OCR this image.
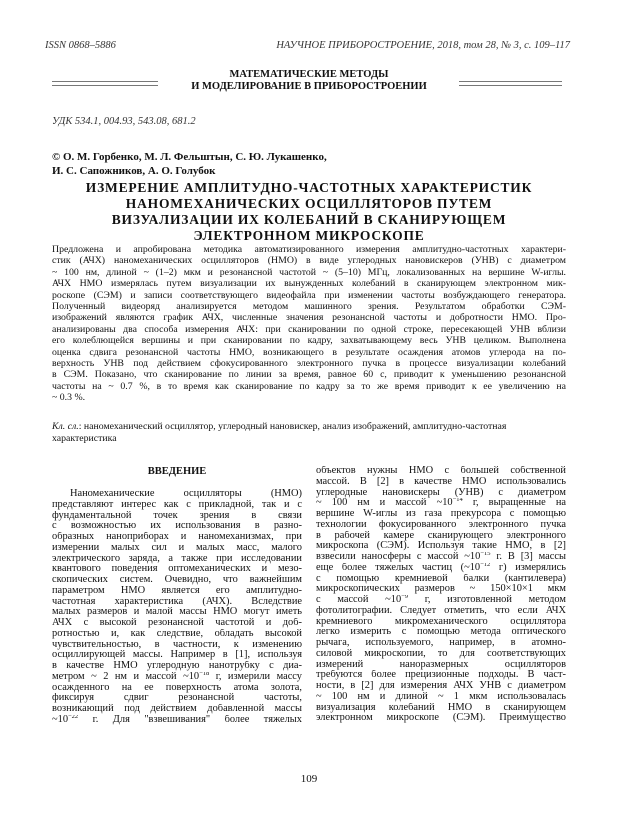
ISSN 0868–5886	НАУЧНОЕ ПРИБОРОСТРОЕНИЕ, 2018, том 28, № 3, с. 109–117
МАТЕМАТИЧЕСКИЕ МЕТОДЫ
И МОДЕЛИРОВАНИЕ В ПРИБОРОСТРОЕНИИ
УДК 534.1, 004.93, 543.08, 681.2
© О. М. Горбенко, М. Л. Фельштын, С. Ю. Лукашенко,
И. С. Сапожников, А. О. Голубок
ИЗМЕРЕНИЕ АМПЛИТУДНО-ЧАСТОТНЫХ ХАРАКТЕРИСТИК
НАНОМЕХАНИЧЕСКИХ ОСЦИЛЛЯТОРОВ ПУТЕМ
ВИЗУАЛИЗАЦИИ ИХ КОЛЕБАНИЙ В СКАНИРУЮЩЕМ
ЭЛЕКТРОННОМ МИКРОСКОПЕ
Предложена и апробирована методика автоматизированного измерения амплитудно-частотных характери-
стик (АЧХ) наномеханических осцилляторов (НМО) в виде углеродных нановискеров (УНВ) с диаметром
~ 100 нм, длиной ~ (1–2) мкм и резонансной частотой ~ (5–10) МГц, локализованных на вершине W-иглы.
АЧХ НМО измерялась путем визуализации их вынужденных колебаний в сканирующем электронном мик-
роскопе (СЭМ) и записи соответствующего видеофайла при изменении частоты возбуждающего генератора.
Полученный видеоряд анализируется методом машинного зрения. Результатом обработки СЭМ-
изображений являются график АЧХ, численные значения резонансной частоты и добротности НМО. Про-
анализированы два способа измерения АЧХ: при сканировании по одной строке, пересекающей УНВ вблизи
его колеблющейся вершины и при сканировании по кадру, захватывающему весь УНВ целиком. Выполнена
оценка сдвига резонансной частоты НМО, возникающего в результате осаждения атомов углерода на по-
верхность УНВ под действием сфокусированного электронного пучка в процессе визуализации колебаний
в СЭМ. Показано, что сканирование по линии за время, равное 60 с, приводит к уменьшению резонансной
частоты на ~ 0.7 %, в то время как сканирование по кадру за то же время приводит к ее увеличению на
~ 0.3 %.
Кл. сл.: наномеханический осциллятор, углеродный нановискер, анализ изображений, амплитудно-частотная характеристика
ВВЕДЕНИЕ
Наномеханические осцилляторы (НМО)
представляют интерес как с прикладной, так и с
фундаментальной точек зрения в связи
с возможностью их использования в разно-
образных наноприборах и наномеханизмах, при
измерении малых сил и малых масс, малого
электрического заряда, а также при исследовании
квантового поведения оптомеханических и мезо-
скопических систем. Очевидно, что важнейшим
параметром НМО является его амплитудно-
частотная характеристика (АЧХ). Вследствие
малых размеров и малой массы НМО могут иметь
АЧХ с высокой резонансной частотой и доб-
ротностью и, как следствие, обладать высокой
чувствительностью, в частности, к изменению
осциллирующей массы. Например в [1], используя
в качестве НМО углеродную нанотрубку с диа-
метром ~ 2 нм и массой $\sim 10^{-18}$ г, измерили массу
осажденного на ее поверхность атома золота,
фиксируя сдвиг резонансной частоты,
возникающий под действием добавленной массы
$\sim 10^{-22}$ г. Для "взвешивания" более тяжелых
объектов нужны НМО с большей собственной
массой. В [2] в качестве НМО использовались
углеродные нановискеры (УНВ) с диаметром
~ 100 нм и массой $\sim 10^{-14}$ г, выращенные на
вершине W-иглы из газа прекурсора с помощью
технологии фокусированного электронного пучка
в рабочей камере сканирующего электронного
микроскопа (СЭМ). Используя такие НМО, в [2]
взвесили наносферы с массой $\sim 10^{-15}$ г. В [3] массы
еще более тяжелых частиц ($\sim 10^{-12}$ г) измерялись
с помощью кремниевой балки (кантилевера)
микроскопических размеров ~ 150×10×1 мкм
с массой $\sim 10^{-9}$ г, изготовленной методом
фотолитографии. Следует отметить, что если АЧХ
кремниевого микромеханического осциллятора
легко измерить с помощью метода оптического
рычага, используемого, например, в атомно-
силовой микроскопии, то для соответствующих
измерений наноразмерных осцилляторов
требуются более прецизионные подходы. В част-
ности, в [2] для измерения АЧХ УНВ с диаметром
~ 100 нм и длиной ~ 1 мкм использовалась
визуализация колебаний НМО в сканирующем
электронном микроскопе (СЭМ). Преимущество
109
